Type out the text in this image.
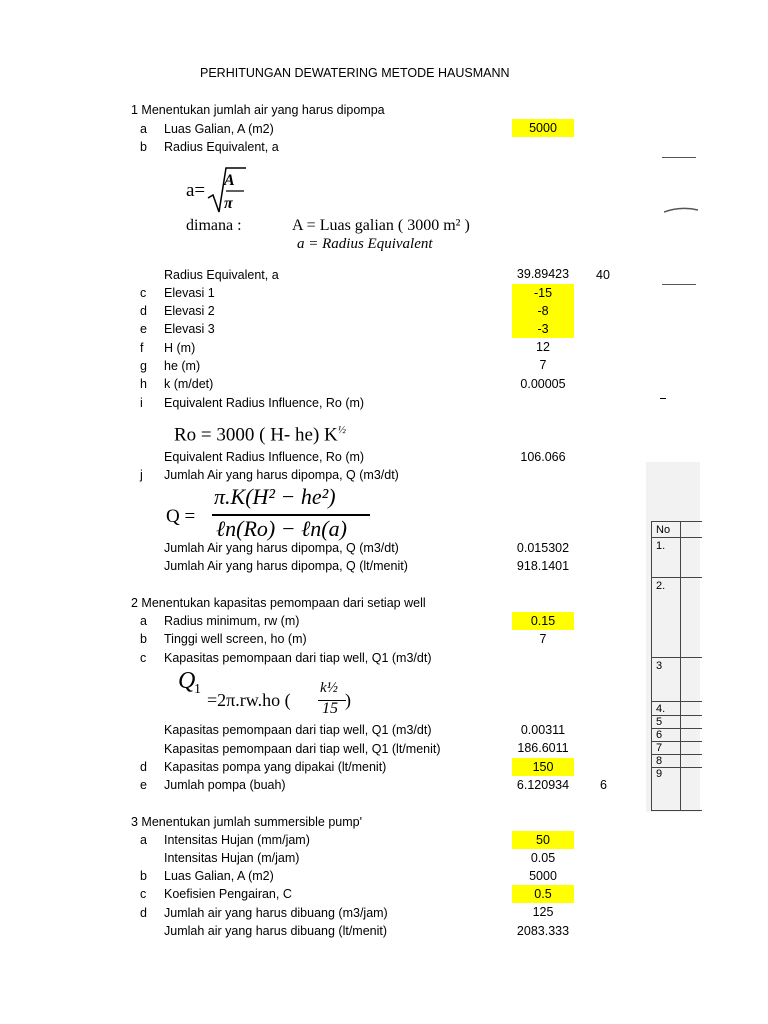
PERHITUNGAN DEWATERING METODE HAUSMANN
1 Menentukan jumlah air yang harus dipompa
a Luas Galian, A (m2)	5000
b Radius Equivalent, a
a= A
π
dimana :	A = Luas galian ( 3000 m² )
a = Radius Equivalent
Radius Equivalent, a	39.89423	40
c Elevasi 1	-15
d Elevasi 2	-8
e Elevasi 3	-3
f H (m)	12
g he (m)	7
h k (m/det)	0.00005
i Equivalent Radius Influence, Ro (m)
Ro = 3000 ( H- he) $K^{\frac{1}{2}}$
Equivalent Radius Influence, Ro (m)	106.066
j Jumlah Air yang harus dipompa, Q (m3/dt)
Q =
π.K(H² − he²)
ℓn(Ro) − ℓn(a)
Jumlah Air yang harus dipompa, Q (m3/dt)	0.015302
Jumlah Air yang harus dipompa, Q (lt/menit)	918.1401
2 Menentukan kapasitas pemompaan dari setiap well
a Radius minimum, rw (m)	0.15
b Tinggi well screen, ho (m)	7
c Kapasitas pemompaan dari tiap well, Q1 (m3/dt)
Q
1
=2π.rw.ho (
k½
15 )
Kapasitas pemompaan dari tiap well, Q1 (m3/dt)	0.00311
Kapasitas pemompaan dari tiap well, Q1 (lt/menit)	186.6011
d Kapasitas pompa yang dipakai (lt/menit)	150
e Jumlah pompa (buah)	6.120934	6
3 Menentukan jumlah summersible pump'
a Intensitas Hujan (mm/jam)	50
Intensitas Hujan (m/jam)	0.05
b Luas Galian, A (m2)	5000
c Koefisien Pengairan, C	0.5
d Jumlah air yang harus dibuang (m3/jam)	125
Jumlah air yang harus dibuang (lt/menit)	2083.333
No
1.
2.
3
4.
5
6
7
8
9
